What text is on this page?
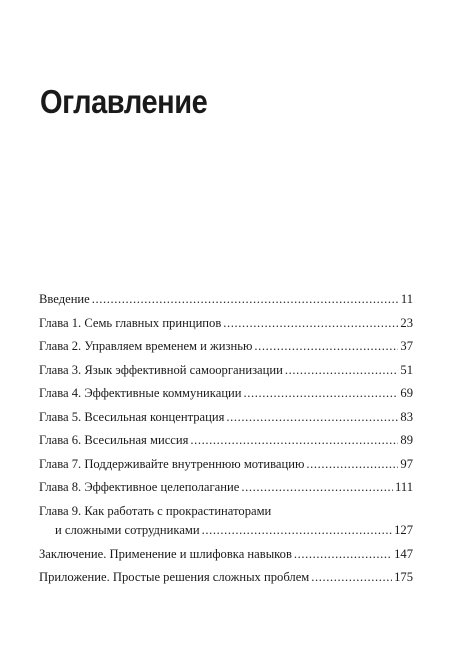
Оглавление
Введение .....	11
Глава 1. Семь главных принципов .....	23
Глава 2. Управляем временем и жизнью .....	37
Глава 3. Язык эффективной самоорганизации .....	51
Глава 4. Эффективные коммуникации .....	69
Глава 5. Всесильная концентрация .....	83
Глава 6. Всесильная миссия .....	89
Глава 7. Поддерживайте внутреннюю мотивацию .....	97
Глава 8. Эффективное целеполагание .....	111
Глава 9. Как работать с прокрастинаторами
и сложными сотрудниками .....	127
Заключение. Применение и шлифовка навыков .....	147
Приложение. Простые решения сложных проблем .....	175
